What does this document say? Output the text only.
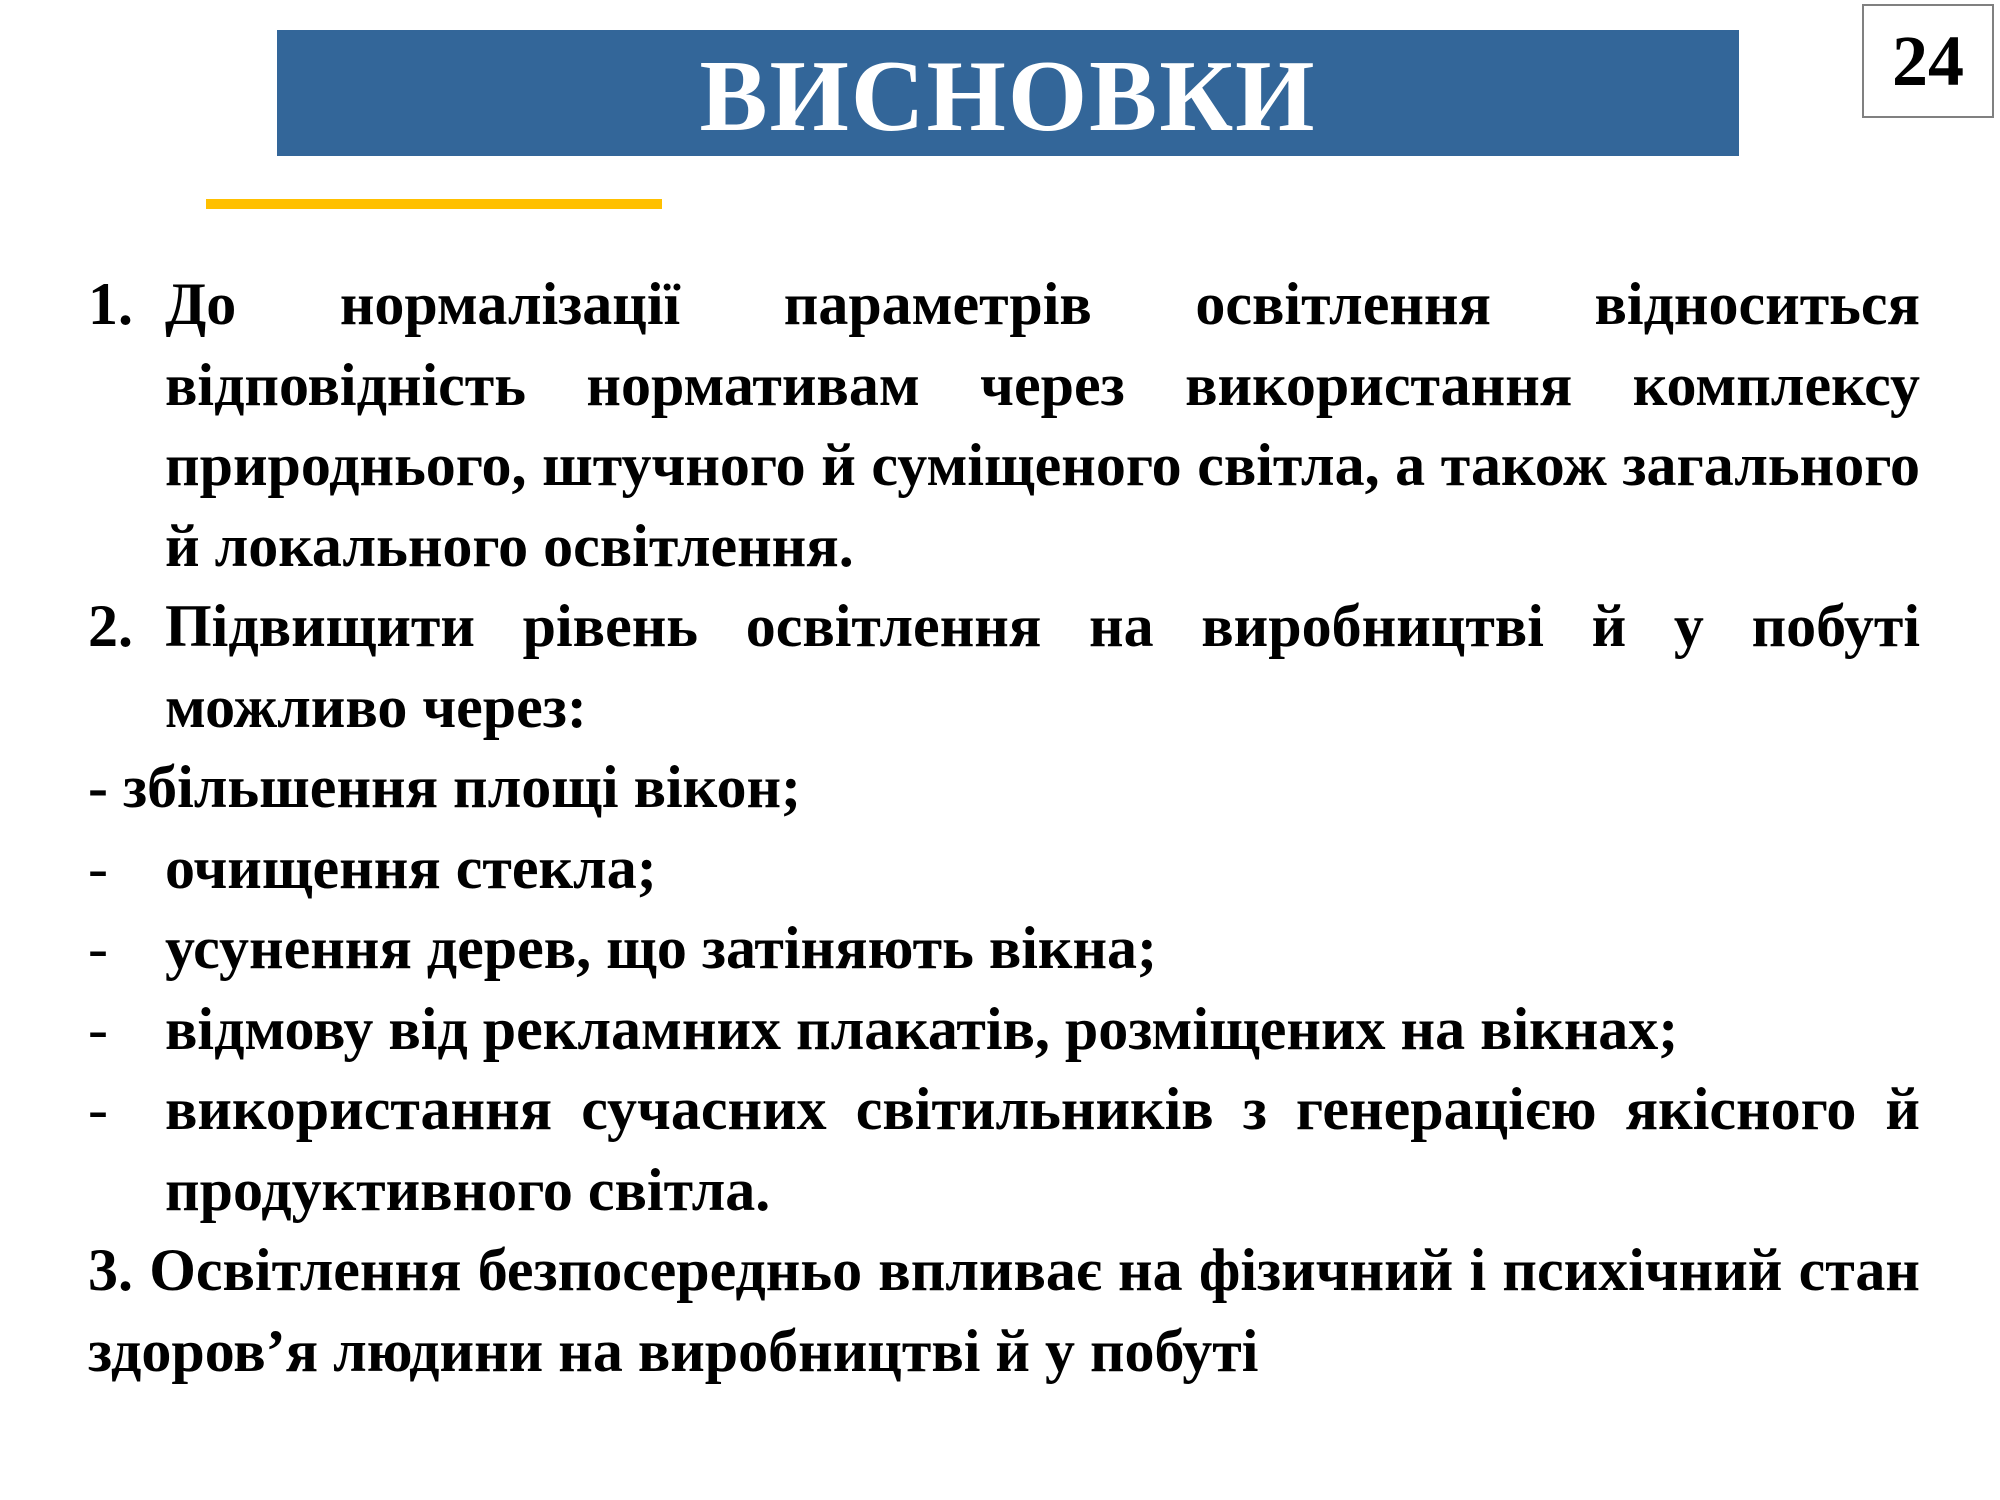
ВИСНОВКИ	24
1. До нормалізації параметрів освітлення відноситься відповідність нормативам через використання комплексу природнього, штучного й суміщеного світла, а також загального й локального освітлення.
2. Підвищити рівень освітлення на виробництві й у побуті можливо через:
- збільшення площі вікон;
- очищення стекла;
- усунення дерев, що затіняють вікна;
- відмову від рекламних плакатів, розміщених на вікнах;
- використання сучасних світильників з генерацією якісного й продуктивного світла.
3. Освітлення безпосередньо впливає на фізичний і психічний стан здоров’я людини на виробництві й у побуті
